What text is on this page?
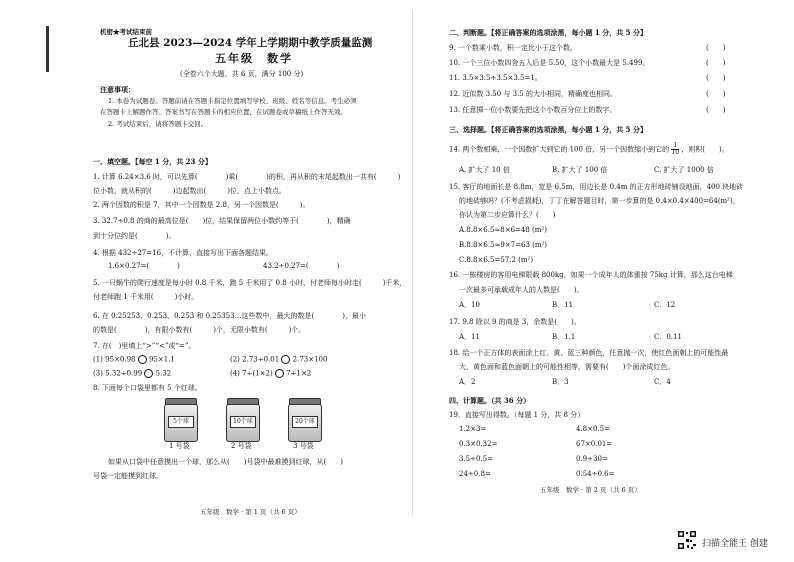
机密★考试结束前
丘北县 2023—2024 学年上学期期中教学质量监测
五年级　数学
(全卷六个大题，共 6 页，满分 100 分)
注意事项：
1. 本卷为试题卷。答题前请在答题卡指定位置填写学校、班级、姓名等信息。考生必须
在答题卡上解题作答。答案书写在答题卡的相应位置，在试题卷或草稿纸上作答无效。
2. 考试结束后，请将答题卡交回。
一、填空题。【每空 1 分，共 23 分】
1. 计算 6.24×3.6 时，可以先算(　　　　)乘(　　　　)的积，再从积的末尾起数出一共有(　　　)
位小数，就从积的(　　　)边起数出(　　　)位，点上小数点。
2. 两个因数的积是 7，其中一个因数是 2.8，另一个因数是(　　　)。
3. 32.7÷0.8 的商的最高位是(　　)位，结果保留两位小数约等于(　　　　)，精确
到十分位约是(　　　　)。
4. 根据 432÷27=16，不计算，直接写出下面各题结果。
1.6×0.27=(　　　　)	43.2÷0.27=(　　　　)
5. 一只蜗牛的爬行速度是每小时 0.8 千米，跑 5 千米用了 0.8 小时，付老师每小时走(　　　)千米，
付老师跑 1 千米用(　　　)小时。
6. 在 0.25253、0.253、0.25̇3̇ 和 0.25353…这些数中，最大的数是(　　　　)，最小
的数是(　　　　)，有限小数有(　　　)个，无限小数有(　　　)个。
7. 在(　)里填上“>”“<”或“=”。
(1) 95×0.98 95×1.1	(2) 2.73÷0.01 2.73×100
(3) 5.32÷0.99 5.32	(4) 7÷(1×2) 7÷1×2
8. 下面每个口袋里都有 5 个红球。
5个球	10个球	20个球
1 号袋	2 号袋	3 号袋
如果从口袋中任意摸出一个球，那么从(　　)号袋中最难摸到红球，从(　　)
号袋一定能摸到红球。
五年级　数学 · 第 1 页（共 6 页）
二、判断题。【将正确答案的选项涂黑，每小题 1 分，共 5 分】
9. 一个数乘小数，积一定比小于这个数。	(　　)
10. 一个三位小数四舍五入后是 5.50，这个小数最大是 5.499。	(　　)
11. 3.5×3.5÷3.5×3.5=1。	(　　)
12. 近似数 3.50 与 3.5 的大小相同，精确度也相同。	(　　)
13. 任意掷一位小数要先把这个小数百分位上的数字。	(　　)
三、选择题。【将正确答案的选项涂黑，每小题 1 分，共 5 分】
14. 两个数相乘，一个因数扩大到它的 100 倍，另一个因数缩小到它的 $\frac{1}{10}$ ，则积(　　)。
A. 扩大了 10 倍	B. 扩大了 100 倍	C. 扩大了 1000 倍
15. 客厅的地面长是 8.8m，宽是 6.5m，用边长是 0.4m 的正方形地砖铺设地面，400 块地砖
的地砖够吗？(不考虑损耗)，丁丁在解答题目时，第一步算的是 0.4×0.4×400=64(m²)，
你认为第二步应算什么？(　　)
A.8.8×6.5≈8×6=48 (m²)
B.8.8×6.5≈9×7=63 (m²)
C.8.8×6.5=57.2 (m²)
16. 一栋楼房的客用电梯限载 800kg，如果一个成年人的体重按 75kg 计算，那么这台电梯
一次最多可承载成年人的人数是(　　)。
A．10	B．11	C．12
17. 9.8 除以 9 的商是 3，余数是(　　)。
A．11	B．1.1	C．0.11
18. 给一个正方体的表面涂上红、黄、蓝三种颜色，任意抛一次，使红色面朝上的可能性最
大，黄色面和蓝色面朝上的可能性相等，需要有(　　)个面涂成红色。
A．2	B．3	C．4
四、计算题。（共 36 分）
19．直接写出得数。（每题 1 分，共 8 分）
1.2×3=	4.8×0.5=
0.3×0.32=	67×0.01=
3.5÷0.5=	0.9÷30=
24÷0.8=	0.54÷0.6=
五年级　数学 · 第 2 页（共 6 页）
扫描全能王 创建
